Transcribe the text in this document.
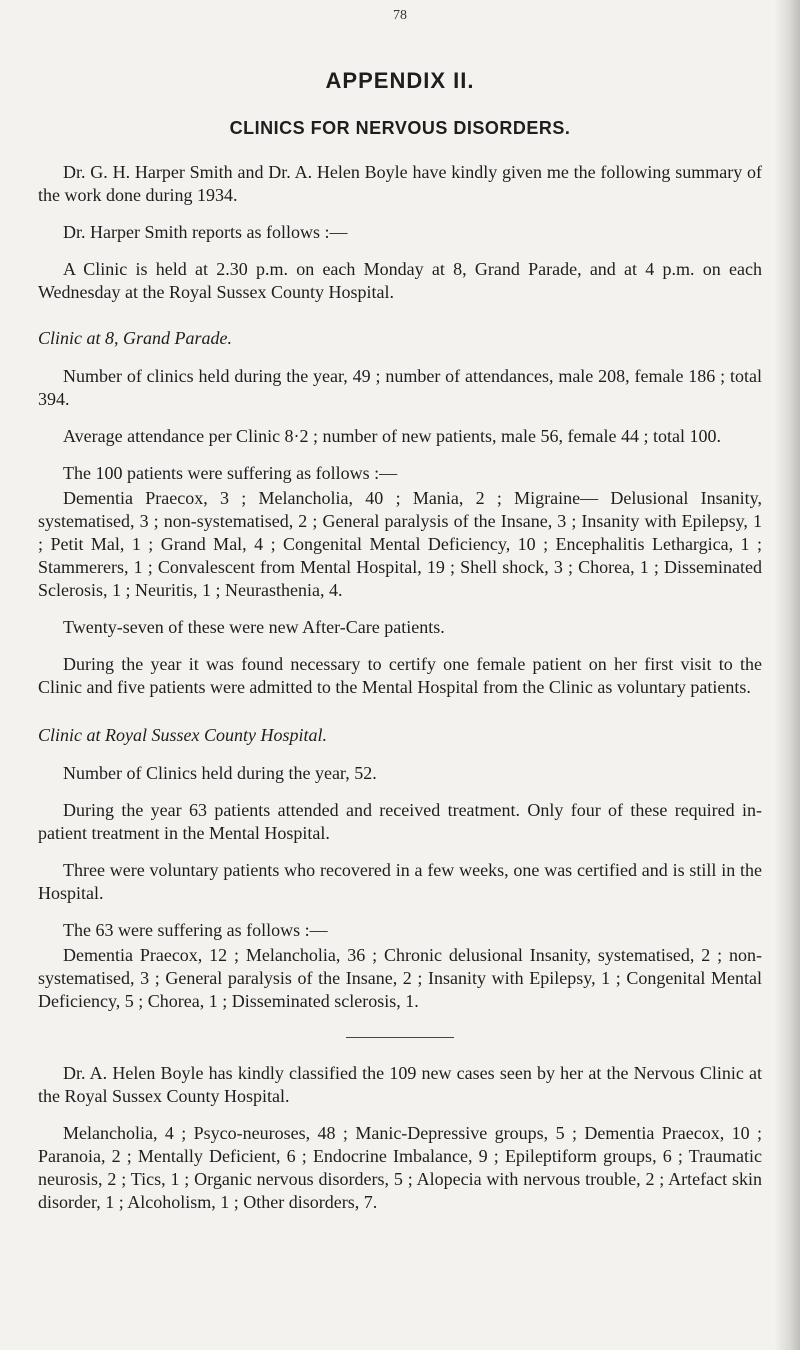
78
APPENDIX II.
CLINICS FOR NERVOUS DISORDERS.

Dr. G. H. Harper Smith and Dr. A. Helen Boyle have kindly given me the following summary of the work done during 1934.

Dr. Harper Smith reports as follows :—

A Clinic is held at 2.30 p.m. on each Monday at 8, Grand Parade, and at 4 p.m. on each Wednesday at the Royal Sussex County Hospital.

Clinic at 8, Grand Parade.

Number of clinics held during the year, 49 ; number of attendances, male 208, female 186 ; total 394.

Average attendance per Clinic 8·2 ; number of new patients, male 56, female 44 ; total 100.

The 100 patients were suffering as follows :—

Dementia Praecox, 3 ; Melancholia, 40 ; Mania, 2 ; Migraine— Delusional Insanity, systematised, 3 ; non-systematised, 2 ; General paralysis of the Insane, 3 ; Insanity with Epilepsy, 1 ; Petit Mal, 1 ; Grand Mal, 4 ; Congenital Mental Deficiency, 10 ; Encephalitis Lethargica, 1 ; Stammerers, 1 ; Convalescent from Mental Hospital, 19 ; Shell shock, 3 ; Chorea, 1 ; Disseminated Sclerosis, 1 ; Neuritis, 1 ; Neurasthenia, 4.

Twenty-seven of these were new After-Care patients.

During the year it was found necessary to certify one female patient on her first visit to the Clinic and five patients were admitted to the Mental Hospital from the Clinic as voluntary patients.

Clinic at Royal Sussex County Hospital.

Number of Clinics held during the year, 52.

During the year 63 patients attended and received treatment. Only four of these required in-patient treatment in the Mental Hospital.

Three were voluntary patients who recovered in a few weeks, one was certified and is still in the Hospital.

The 63 were suffering as follows :—

Dementia Praecox, 12 ; Melancholia, 36 ; Chronic delusional Insanity, systematised, 2 ; non-systematised, 3 ; General paralysis of the Insane, 2 ; Insanity with Epilepsy, 1 ; Congenital Mental Deficiency, 5 ; Chorea, 1 ; Disseminated sclerosis, 1.

Dr. A. Helen Boyle has kindly classified the 109 new cases seen by her at the Nervous Clinic at the Royal Sussex County Hospital.

Melancholia, 4 ; Psyco-neuroses, 48 ; Manic-Depressive groups, 5 ; Dementia Praecox, 10 ; Paranoia, 2 ; Mentally Deficient, 6 ; Endocrine Imbalance, 9 ; Epileptiform groups, 6 ; Traumatic neurosis, 2 ; Tics, 1 ; Organic nervous disorders, 5 ; Alopecia with nervous trouble, 2 ; Artefact skin disorder, 1 ; Alcoholism, 1 ; Other disorders, 7.
